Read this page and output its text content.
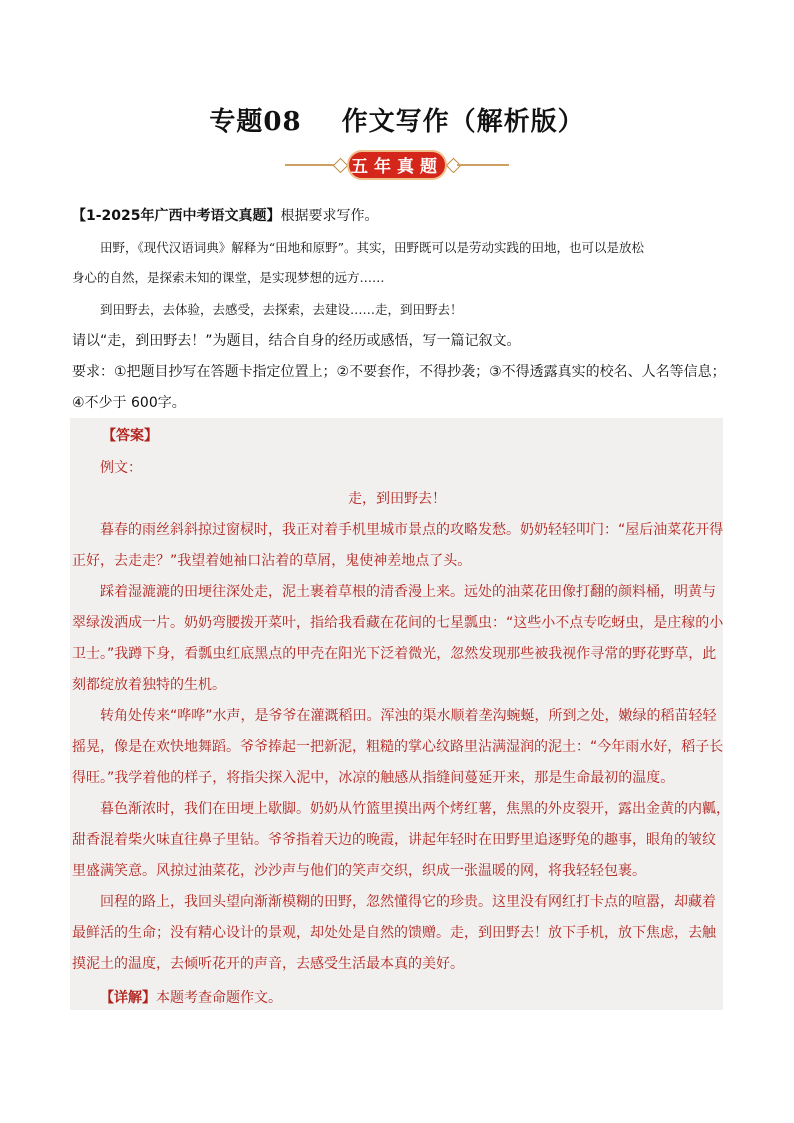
专题08 作文写作（解析版）
五年真题
【1-2025年广西中考语文真题】根据要求写作。
田野，《现代汉语词典》解释为“田地和原野”。其实，田野既可以是劳动实践的田地，也可以是放松
身心的自然，是探索未知的课堂，是实现梦想的远方……
到田野去，去体验，去感受，去探索，去建设……走，到田野去！
请以“走，到田野去！”为题目，结合自身的经历或感悟，写一篇记叙文。
要求：①把题目抄写在答题卡指定位置上；②不要套作，不得抄袭；③不得透露真实的校名、人名等信息；
④不少于 600字。
【答案】
例文：
走，到田野去！
暮春的雨丝斜斜掠过窗棂时，我正对着手机里城市景点的攻略发愁。奶奶轻轻叩门：“屋后油菜花开得
正好，去走走？”我望着她袖口沾着的草屑，鬼使神差地点了头。
踩着湿漉漉的田埂往深处走，泥土裹着草根的清香漫上来。远处的油菜花田像打翻的颜料桶，明黄与
翠绿泼洒成一片。奶奶弯腰拨开菜叶，指给我看藏在花间的七星瓢虫：“这些小不点专吃蚜虫，是庄稼的小
卫士。”我蹲下身，看瓢虫红底黑点的甲壳在阳光下泛着微光，忽然发现那些被我视作寻常的野花野草，此
刻都绽放着独特的生机。
转角处传来“哗哗”水声，是爷爷在灌溉稻田。浑浊的渠水顺着垄沟蜿蜒，所到之处，嫩绿的稻苗轻轻
摇晃，像是在欢快地舞蹈。爷爷捧起一把新泥，粗糙的掌心纹路里沾满湿润的泥土：“今年雨水好，稻子长
得旺。”我学着他的样子，将指尖探入泥中，冰凉的触感从指缝间蔓延开来，那是生命最初的温度。
暮色渐浓时，我们在田埂上歇脚。奶奶从竹篮里摸出两个烤红薯，焦黑的外皮裂开，露出金黄的内瓤，
甜香混着柴火味直往鼻子里钻。爷爷指着天边的晚霞，讲起年轻时在田野里追逐野兔的趣事，眼角的皱纹
里盛满笑意。风掠过油菜花，沙沙声与他们的笑声交织，织成一张温暖的网，将我轻轻包裹。
回程的路上，我回头望向渐渐模糊的田野，忽然懂得它的珍贵。这里没有网红打卡点的喧嚣，却藏着
最鲜活的生命；没有精心设计的景观，却处处是自然的馈赠。走，到田野去！放下手机，放下焦虑，去触
摸泥土的温度，去倾听花开的声音，去感受生活最本真的美好。
【详解】本题考查命题作文。
